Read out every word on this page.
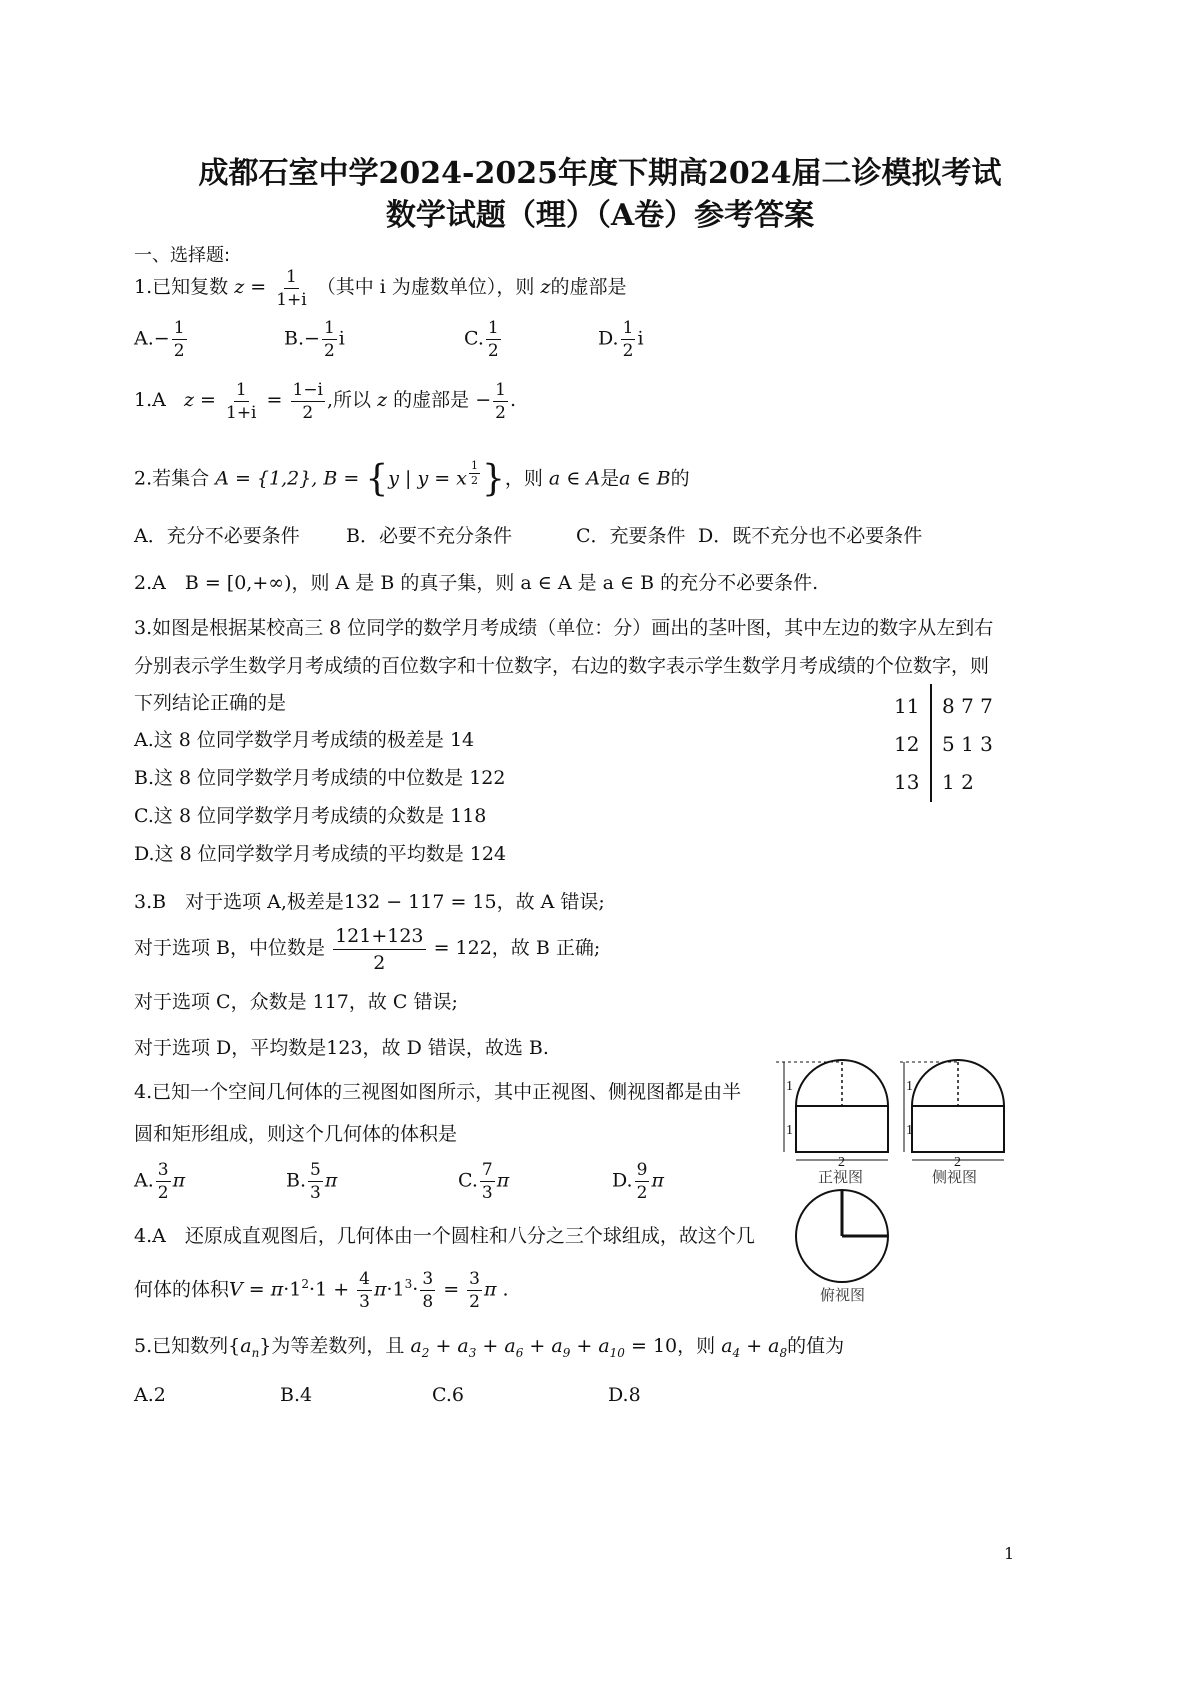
成都石室中学2024-2025年度下期高2024届二诊模拟考试
数学试题（理）（A卷）参考答案
一、选择题:
1.已知复数 $z = \frac{1}{1+i}$ （其中 i 为虚数单位），则 z的虚部是
$A.- \frac{1}{2}$	$B.- \frac{1}{2}$ i	C. $\frac{1}{2}$	D. $\frac{1}{2}$ i
1.A $z = \frac{1}{1+i} = \frac{1-i}{2}$ ,所以 z 的虚部是 − $\frac{1}{2}$ .
2.若集合 A = {1,2}, B = {y | y = x $^{\frac{1}{2}}$ }，则 a ∈ A是a ∈ B的
A．充分不必要条件 B．必要不充分条件	C．充要条件 D．既不充分也不必要条件
2.A　B = [0,+∞)，则 A 是 B 的真子集，则 a ∈ A 是 a ∈ B 的充分不必要条件.
3.如图是根据某校高三 8 位同学的数学月考成绩（单位：分）画出的茎叶图，其中左边的数字从左到右
分别表示学生数学月考成绩的百位数字和十位数字，右边的数字表示学生数学月考成绩的个位数字，则
下列结论正确的是
A.这 8 位同学数学月考成绩的极差是 14
B.这 8 位同学数学月考成绩的中位数是 122
C.这 8 位同学数学月考成绩的众数是 118
D.这 8 位同学数学月考成绩的平均数是 124
11 8 7 7
12 5 1 3
13 1 2
3.B　对于选项 A,极差是132 − 117 = 15，故 A 错误;
对于选项 B，中位数是 $\frac{121+123}{2} = 122$，故 B 正确;
对于选项 C，众数是 117，故 C 错误;
对于选项 D，平均数是123，故 D 错误，故选 B.
4.已知一个空间几何体的三视图如图所示，其中正视图、侧视图都是由半
圆和矩形组成，则这个几何体的体积是
A. $\frac{3}{2}$ π	B. $\frac{5}{3}$ π	C. $\frac{7}{3}$ π	D. $\frac{9}{2}$ π
4.A　还原成直观图后，几何体由一个圆柱和八分之三个球组成，故这个几
何体的体积$V = \pi\cdot 1^2\cdot 1 + \frac{4}{3} \pi\cdot 1^3\cdot \frac{3}{8} = \frac{3}{2}$ π .
1
1
2
正视图
1
1
2
侧视图
俯视图
5.已知数列$\{a_n\}$为等差数列，且 $a_2 + a_3 + a_6 + a_9 + a_{10} = 10$，则 $a_4 + a_8$的值为
A.2	B.4	C.6	D.8
1
